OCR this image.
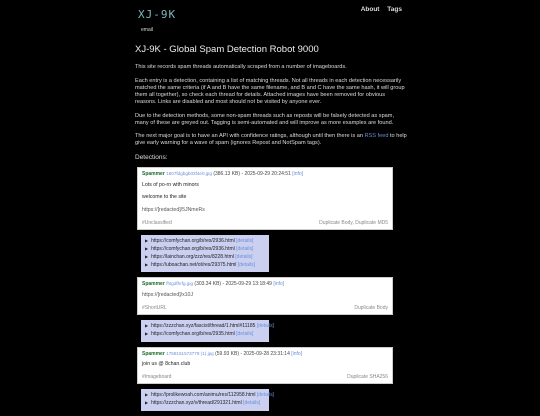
XJ-9K
email
About Tags
XJ-9K - Global Spam Detection Robot 9000

This site records spam threads automatically scraped from a number of imageboards.

Each entry is a detection, containing a list of matching threads. Not all threads in each detection necessarily matched the same criteria (if A and B have the same filename, and B and C have the same hash, it will group them all together), so check each thread for details. Attached images have been removed for obvious reasons. Links are disabled and most should not be visited by anyone ever.

Due to the detection methods, some non-spam threads such as reposts will be falsely detected as spam, many of these are greyed out. Tagging is semi-automated and will improve as more examples are found.

The next major goal is to have an API with confidence ratings, although until then there is an RSS feed to help give early warning for a wave of spam (ignores Repost and NotSpam tags).

Detections:
Spammer 1607fdgbgb03f4e0.jpg (386.13 KB) - 2025-09-29 20:24:51 [info]
Lots of po-rn with minors
welcome to the site
https://[redacted]/5JNmeRs
#Unclassified	Duplicate Body, Duplicate MD5
▶ https://comfychan.org/b/res/2936.html [details]
▶ https://comfychan.org/b/res/2936.html [details]
▶ https://lainchan.org/zzz/res/8228.html [details]
▶ https://uboachan.net/ot/res/29375.html [details]
Spammer fhtgdfhrfg.jpg (303.34 KB) - 2025-09-29 13:18:49 [info]
https://[redacted]/x10J
#ShortURL	Duplicate Body
▶ https://zzzchan.xyz/fascist/thread/1.html#11185 [details]
▶ https://comfychan.org/b/res/2935.html [details]
Spammer 1758151573779 (1).jpg (59.93 KB) - 2025-09-28 23:31:14 [info]
join us @ 8chan.club
#Imageboard	Duplicate SHA256
▶ https://prolikewoah.com/animu/res/112958.html [details]
▶ https://zzzchan.xyz/v/thread/291321.html [details]
